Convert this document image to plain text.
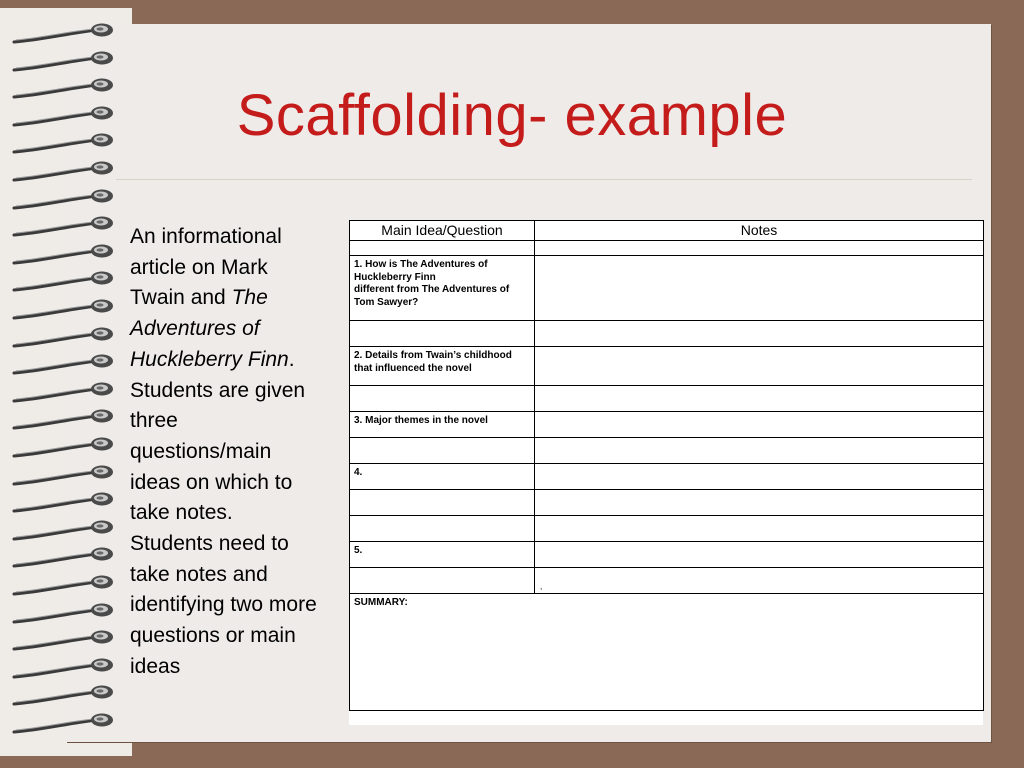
Scaffolding- example
An informational article on Mark Twain and The Adventures of Huckleberry Finn. Students are given three questions/main ideas on which to take notes. Students need to take notes and identifying two more questions or main ideas
Main Idea/Question	Notes

1. How is The Adventures of Huckleberry Finn
different from The Adventures of Tom Sawyer?	

2. Details from Twain’s childhood that influenced the novel	

3. Major themes in the novel	

4.	

5.	

	,

SUMMARY:	
